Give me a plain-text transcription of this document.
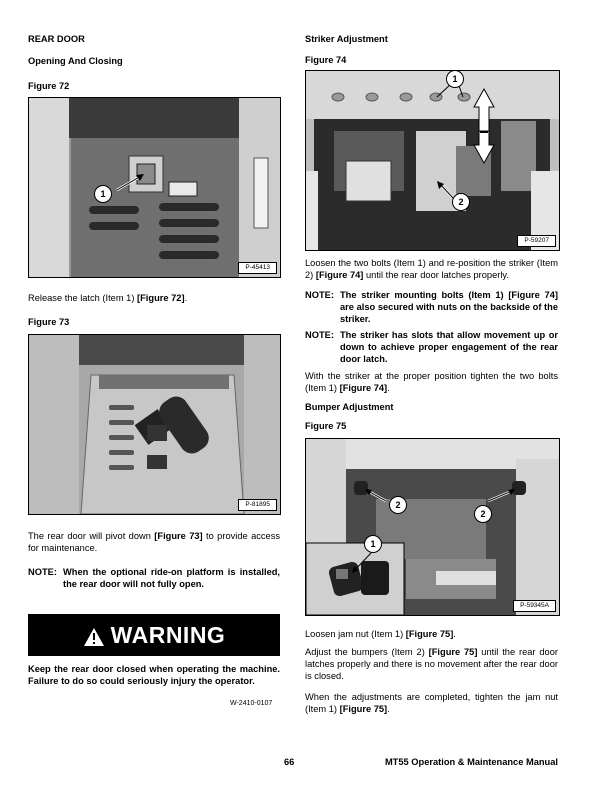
REAR DOOR
Opening And Closing
Figure 72
1
P-45413
Release the latch (Item 1) [Figure 72].
Figure 73
P-81895
The rear door will pivot down [Figure 73] to provide access for maintenance.
NOTE: When the optional ride-on platform is installed, the rear door will not fully open.
WARNING
Keep the rear door closed when operating the machine. Failure to do so could seriously injury the operator.
W-2410-0107
Striker Adjustment
Figure 74
1
2
P-59207
Loosen the two bolts (Item 1) and re-position the striker (Item 2) [Figure 74] until the rear door latches properly.
NOTE: The striker mounting bolts (Item 1) [Figure 74] are also secured with nuts on the backside of the striker.
NOTE: The striker has slots that allow movement up or down to achieve proper engagement of the rear door latch.
With the striker at the proper position tighten the two bolts (Item 1) [Figure 74].
Bumper Adjustment
Figure 75
2
2
1
P-59345A
Loosen jam nut (Item 1) [Figure 75].
Adjust the bumpers (Item 2) [Figure 75] until the rear door latches properly and there is no movement after the rear door is closed.
When the adjustments are completed, tighten the jam nut (Item 1) [Figure 75].
66	MT55 Operation & Maintenance Manual
